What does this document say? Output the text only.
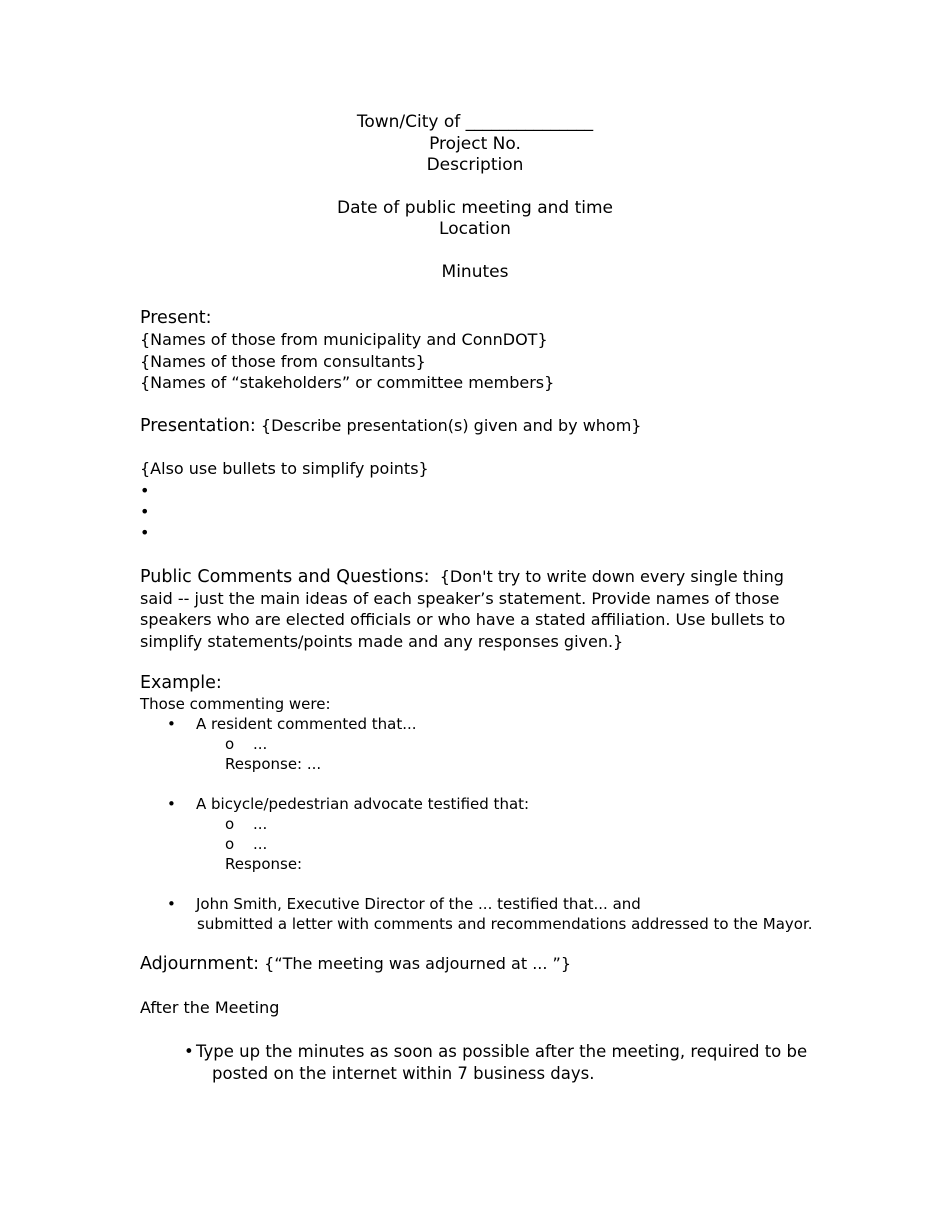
Town/City of _______________
Project No.
Description
Date of public meeting and time
Location
Minutes
Present:
{Names of those from municipality and ConnDOT}
{Names of those from consultants}
{Names of “stakeholders” or committee members}
Presentation: {Describe presentation(s) given and by whom}
{Also use bullets to simplify points}
•
•
•
Public Comments and Questions:  {Don't try to write down every single thing
said -- just the main ideas of each speaker’s statement. Provide names of those
speakers who are elected officials or who have a stated affiliation. Use bullets to
simplify statements/points made and any responses given.}
Example:
Those commenting were:
• A resident commented that...
o ...
Response: ...
• A bicycle/pedestrian advocate testified that:
o ...
o ...
Response:
• John Smith, Executive Director of the ... testified that... and
submitted a letter with comments and recommendations addressed to the Mayor.
Adjournment: {“The meeting was adjourned at ... ”}
After the Meeting
• Type up the minutes as soon as possible after the meeting, required to be
posted on the internet within 7 business days.
